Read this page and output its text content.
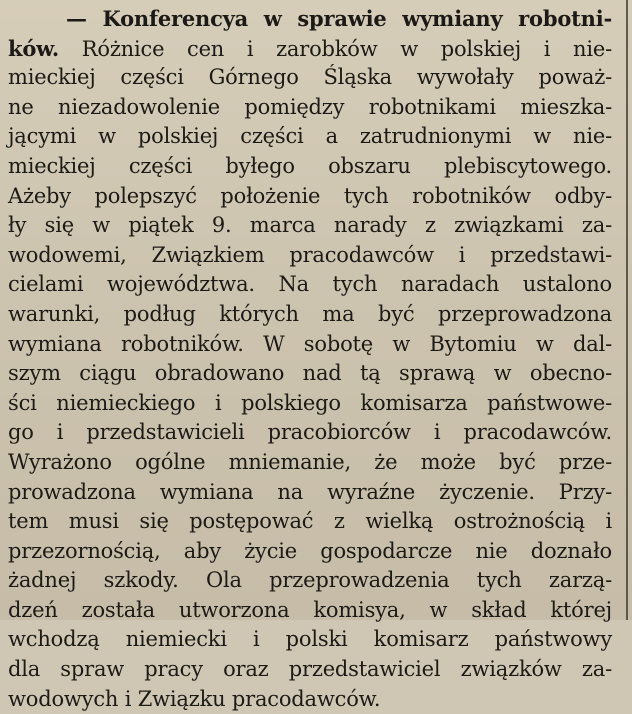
— Konferencya w sprawie wymiany robotni-
ków. Różnice cen i zarobków w polskiej i nie-
mieckiej części Górnego Śląska wywołały poważ-
ne niezadowolenie pomiędzy robotnikami mieszka-
jącymi w polskiej części a zatrudnionymi w nie-
mieckiej części byłego obszaru plebiscytowego.
Ażeby polepszyć położenie tych robotników odby-
ły się w piątek 9. marca narady z związkami za-
wodowemi, Związkiem pracodawców i przedstawi-
cielami województwa. Na tych naradach ustalono
warunki, podług których ma być przeprowadzona
wymiana robotników. W sobotę w Bytomiu w dal-
szym ciągu obradowano nad tą sprawą w obecno-
ści niemieckiego i polskiego komisarza państwowe-
go i przedstawicieli pracobiorców i pracodawców.
Wyrażono ogólne mniemanie, że może być prze-
prowadzona wymiana na wyraźne życzenie. Przy-
tem musi się postępować z wielką ostrożnością i
przezornością, aby życie gospodarcze nie doznało
żadnej szkody. Ola przeprowadzenia tych zarzą-
dzeń została utworzona komisya, w skład której
wchodzą niemiecki i polski komisarz państwowy
dla spraw pracy oraz przedstawiciel związków za-
wodowych i Związku pracodawców.
